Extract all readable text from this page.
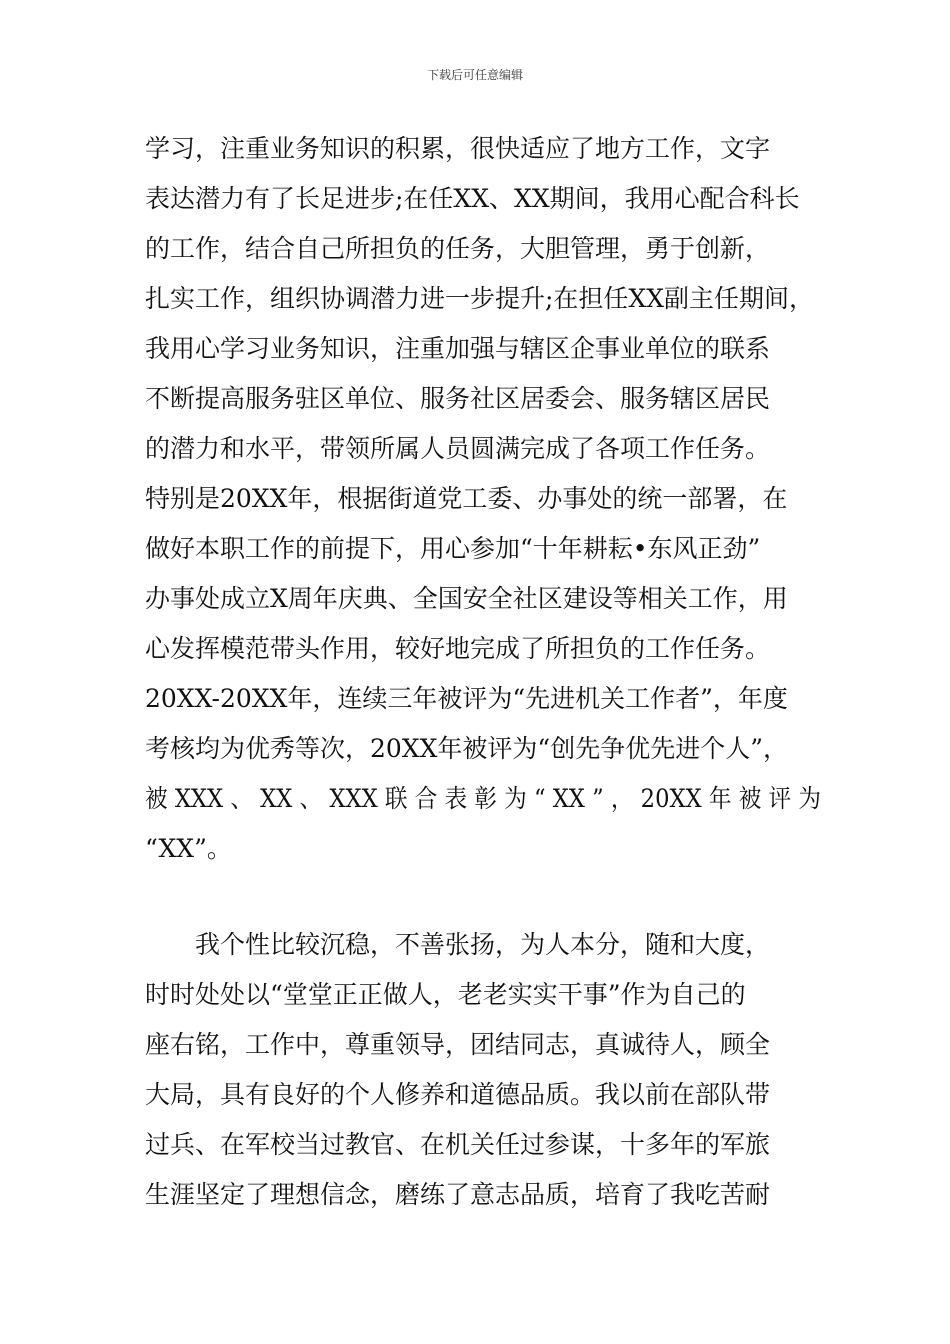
下载后可任意编辑
学习，注重业务知识的积累，很快适应了地方工作，文字
表达潜力有了长足进步;在任XX、XX期间，我用心配合科长
的工作，结合自己所担负的任务，大胆管理，勇于创新，
扎实工作，组织协调潜力进一步提升;在担任XX副主任期间，
我用心学习业务知识，注重加强与辖区企事业单位的联系
不断提高服务驻区单位、服务社区居委会、服务辖区居民
的潜力和水平，带领所属人员圆满完成了各项工作任务。
特别是20XX年，根据街道党工委、办事处的统一部署，在
做好本职工作的前提下，用心参加“十年耕耘•东风正劲”
办事处成立X周年庆典、全国安全社区建设等相关工作，用
心发挥模范带头作用，较好地完成了所担负的工作任务。
20XX-20XX年，连续三年被评为“先进机关工作者”，年度
考核均为优秀等次，20XX年被评为“创先争优先进个人”，
被 XXX 、 XX 、 XXX 联 合 表 彰 为 “ XX ” ， 20XX 年 被 评 为
“XX”。
　　我个性比较沉稳，不善张扬，为人本分，随和大度，
时时处处以“堂堂正正做人，老老实实干事”作为自己的
座右铭，工作中，尊重领导，团结同志，真诚待人，顾全
大局，具有良好的个人修养和道德品质。我以前在部队带
过兵、在军校当过教官、在机关任过参谋，十多年的军旅
生涯坚定了理想信念，磨练了意志品质，培育了我吃苦耐
